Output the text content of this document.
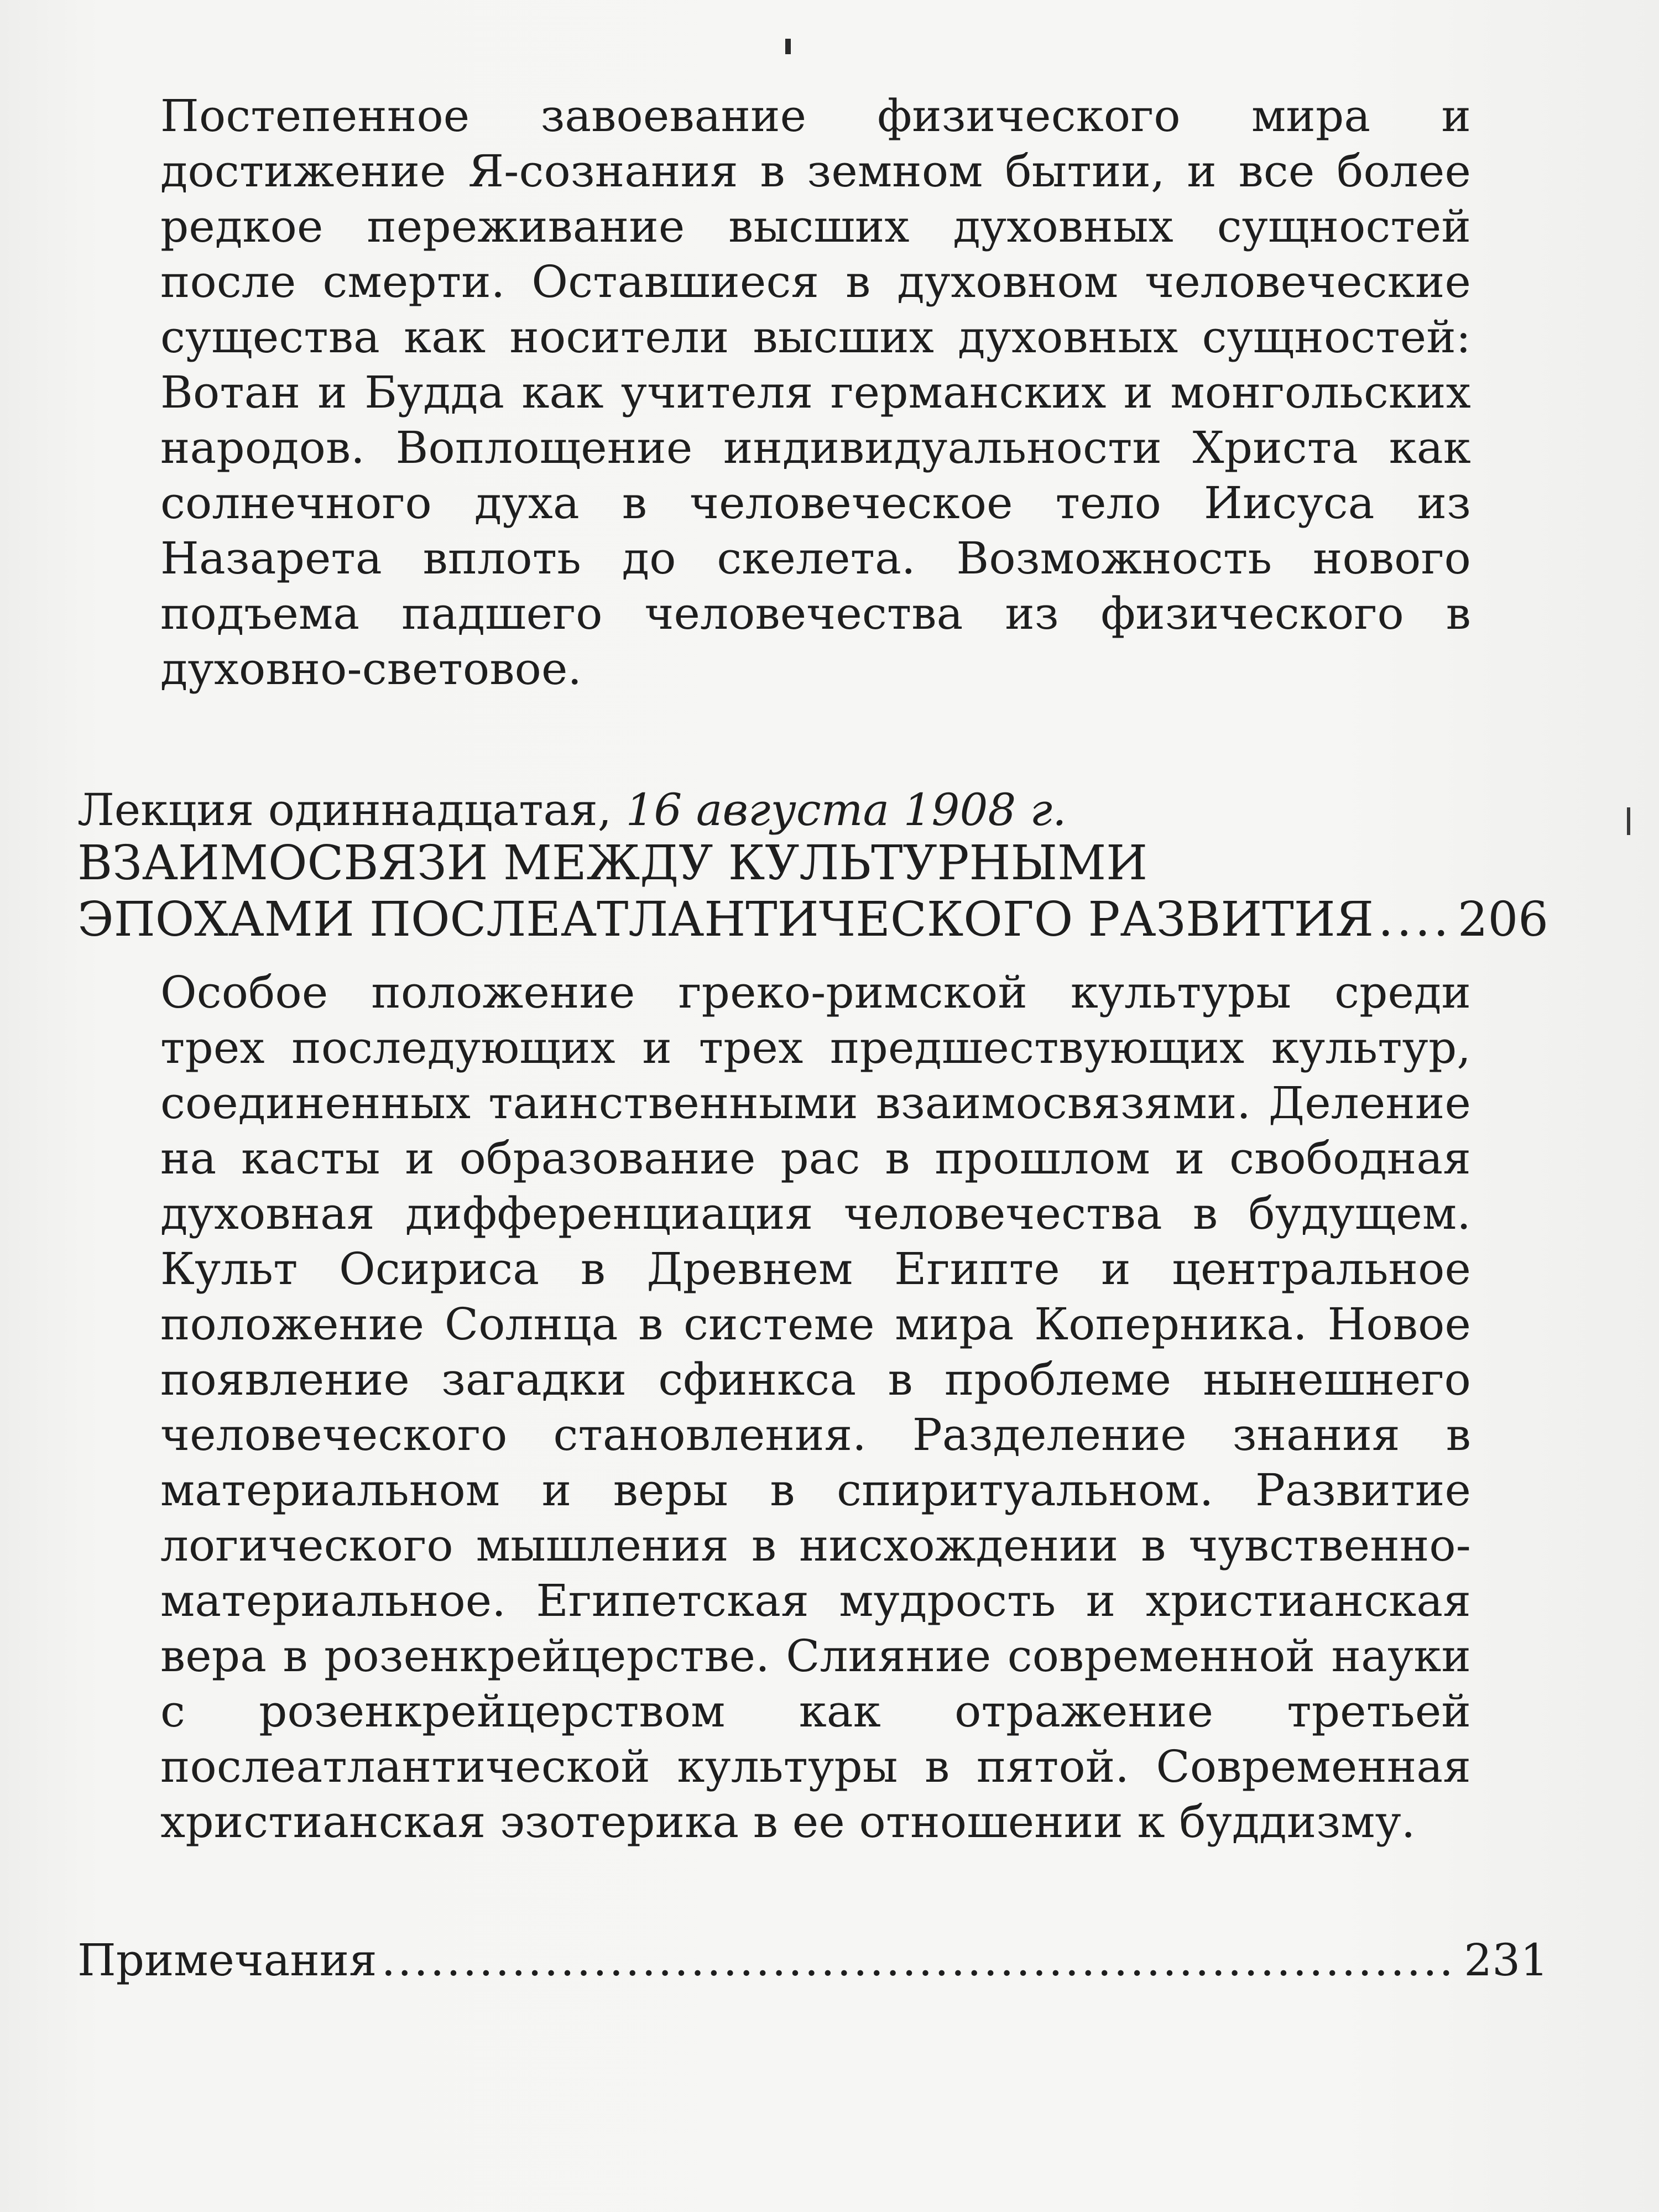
Постепенное завоевание физического мира и достижение Я-сознания в земном бытии, и все более редкое переживание высших духовных сущностей после смерти. Оставшиеся в духовном человеческие существа как носители высших духовных сущностей: Вотан и Будда как учителя германских и монгольских народов. Воплощение индивидуальности Христа как солнечного духа в человеческое тело Иисуса из Назарета вплоть до скелета. Возможность нового подъема падшего человечества из физического в духовно-световое.
Лекция одиннадцатая, 16 августа 1908 г.
ВЗАИМОСВЯЗИ МЕЖДУ КУЛЬТУРНЫМИ
ЭПОХАМИ ПОСЛЕАТЛАНТИЧЕСКОГО РАЗВИТИЯ ..... 206
Особое положение греко-римской культуры среди трех последующих и трех предшествующих культур, соединенных таинственными взаимосвязями. Деление на касты и образование рас в прошлом и свободная духовная дифференциация человечества в будущем. Культ Осириса в Древнем Египте и центральное положение Солнца в системе мира Коперника. Новое появление загадки сфинкса в проблеме нынешнего человеческого становления. Разделение знания в материальном и веры в спиритуальном. Развитие логического мышления в нисхождении в чувственно-материальное. Египетская мудрость и христианская вера в розенкрейцерстве. Слияние современной науки с розенкрейцерством как отражение третьей послеатлантической культуры в пятой. Современная христианская эзотерика в ее отношении к буддизму.
Примечания .....	231
